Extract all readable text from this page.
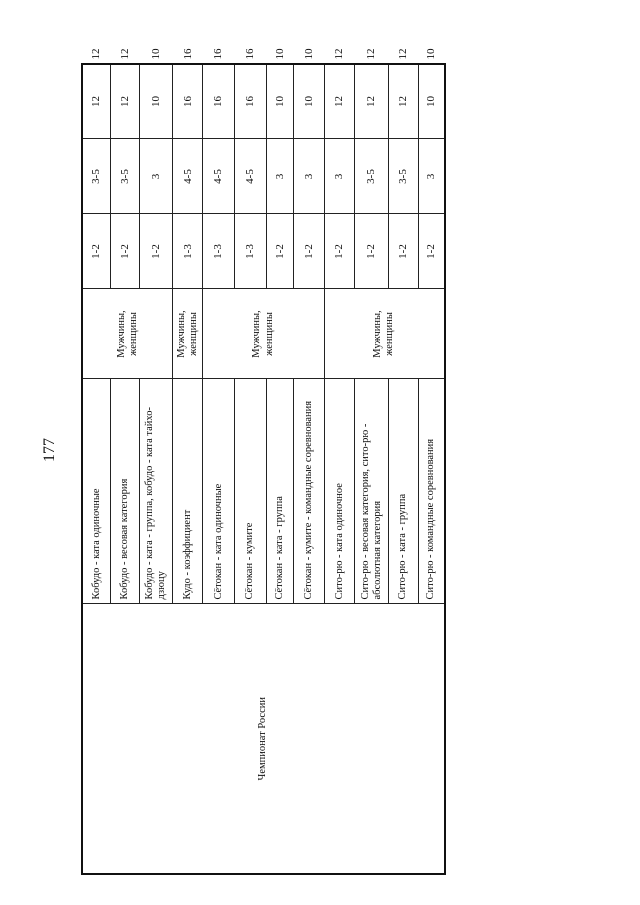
177
Чемпионат России	Кобудо - ката одиночные	Мужчины, женщины	1-2	3-5	12	12
	Кобудо - весовая категория		1-2	3-5	12	12
	Кобудо - ката - группа, кобудо - ката тайхо-дзюцу		1-2	3	10	10
	Кудо - коэффициент	Мужчины, женщины	1-3	4-5	16	16
	Сётокан - ката одиночные	Мужчины, женщины	1-3	4-5	16	16
	Сётокан - кумите		1-3	4-5	16	16
	Сётокан - ката - группа		1-2	3	10	10
	Сётокан - кумите - командные соревнования		1-2	3	10	10
	Сито-рю - ката одиночное	Мужчины, женщины	1-2	3	12	12
	Сито-рю - весовая категория, сито-рю - абсолютная категория		1-2	3-5	12	12
	Сито-рю - ката - группа		1-2	3-5	12	12
	Сито-рю - командные соревнования		1-2	3	10	10
